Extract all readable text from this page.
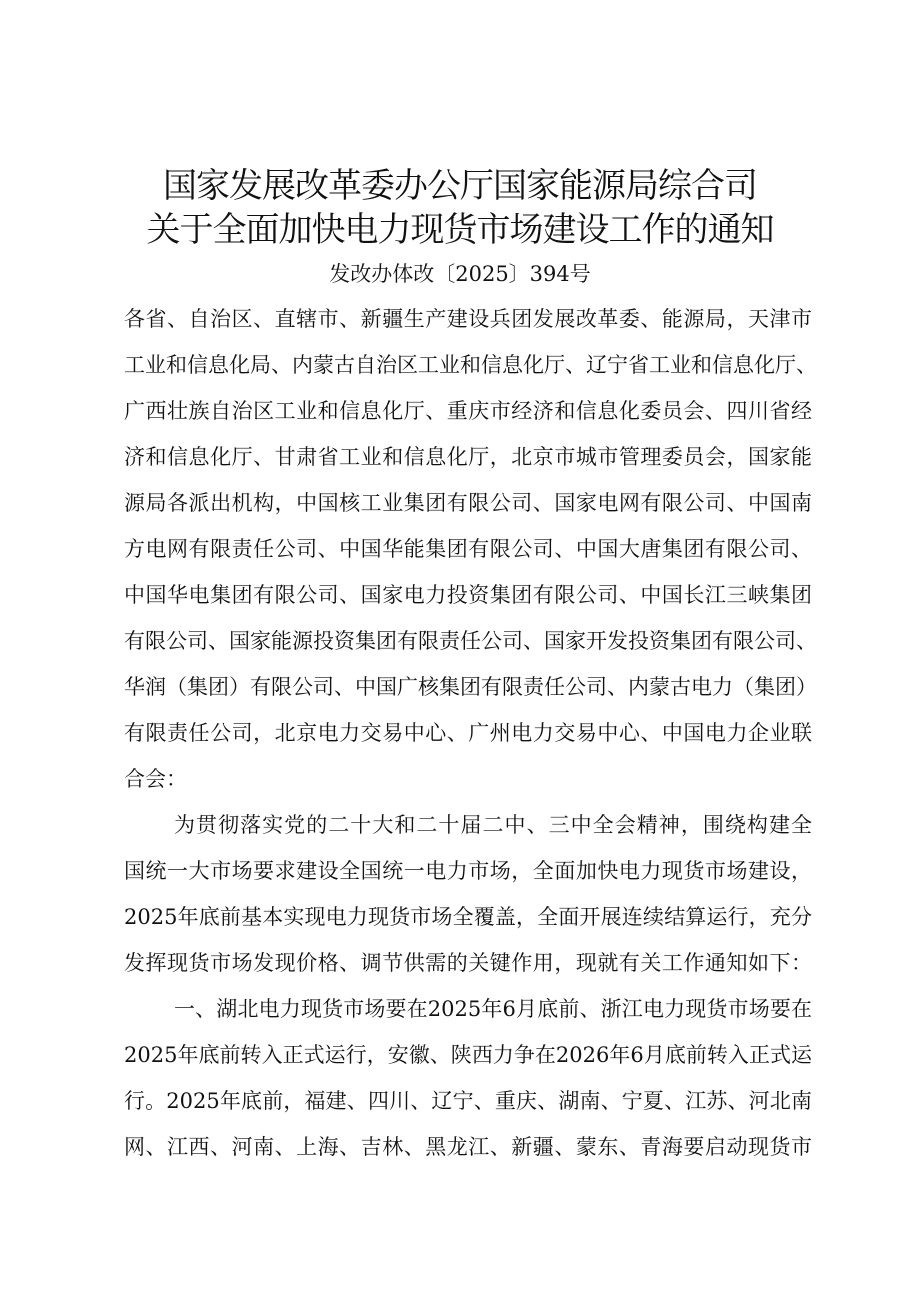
国家发展改革委办公厅国家能源局综合司
关于全面加快电力现货市场建设工作的通知
发改办体改〔2025〕394号
各省、自治区、直辖市、新疆生产建设兵团发展改革委、能源局，天津市
工业和信息化局、内蒙古自治区工业和信息化厅、辽宁省工业和信息化厅、
广西壮族自治区工业和信息化厅、重庆市经济和信息化委员会、四川省经
济和信息化厅、甘肃省工业和信息化厅，北京市城市管理委员会，国家能
源局各派出机构，中国核工业集团有限公司、国家电网有限公司、中国南
方电网有限责任公司、中国华能集团有限公司、中国大唐集团有限公司、
中国华电集团有限公司、国家电力投资集团有限公司、中国长江三峡集团
有限公司、国家能源投资集团有限责任公司、国家开发投资集团有限公司、
华润（集团）有限公司、中国广核集团有限责任公司、内蒙古电力（集团）
有限责任公司，北京电力交易中心、广州电力交易中心、中国电力企业联
合会：
为贯彻落实党的二十大和二十届二中、三中全会精神，围绕构建全
国统一大市场要求建设全国统一电力市场，全面加快电力现货市场建设，
2025年底前基本实现电力现货市场全覆盖，全面开展连续结算运行，充分
发挥现货市场发现价格、调节供需的关键作用，现就有关工作通知如下：
一、湖北电力现货市场要在2025年6月底前、浙江电力现货市场要在
2025年底前转入正式运行，安徽、陕西力争在2026年6月底前转入正式运
行。2025年底前，福建、四川、辽宁、重庆、湖南、宁夏、江苏、河北南
网、江西、河南、上海、吉林、黑龙江、新疆、蒙东、青海要启动现货市
